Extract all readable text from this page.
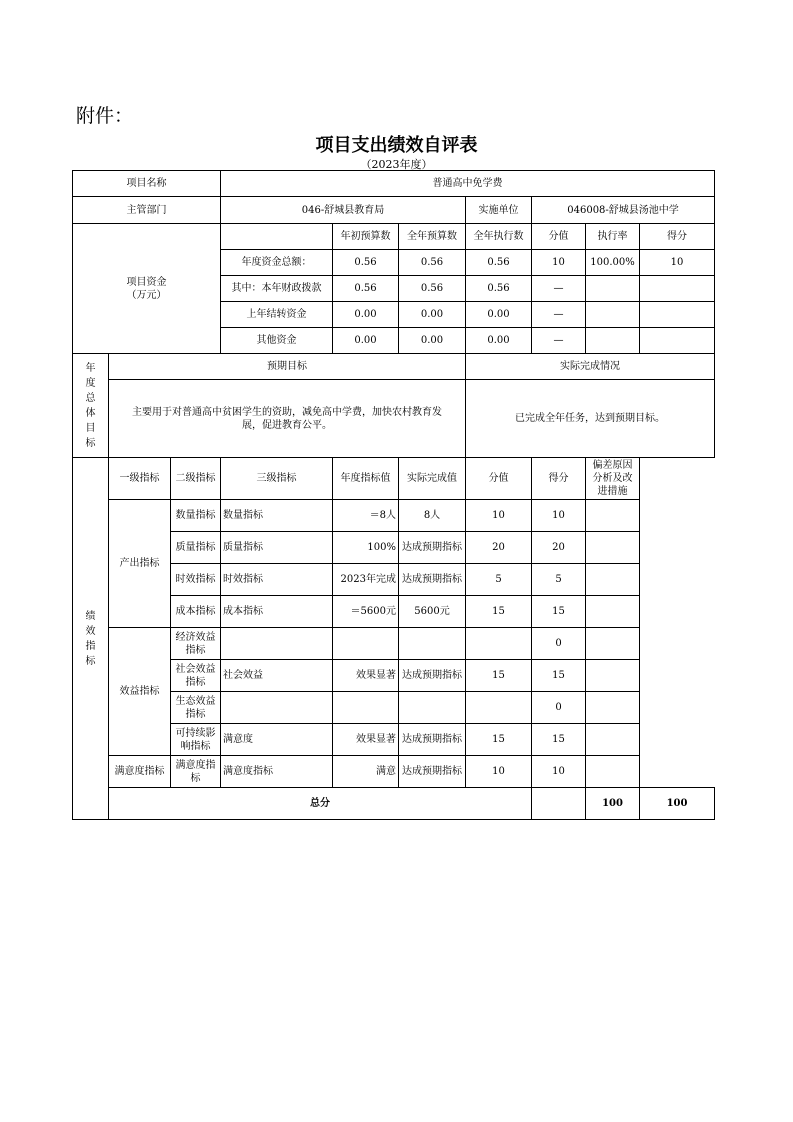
附件：
项目支出绩效自评表
（2023年度）
项目名称			普通高中免学费							
主管部门			046-舒城县教育局			实施单位	046008-舒城县汤池中学			
项目资金
（万元）				年初预算数	全年预算数	全年执行数	分值	执行率	得分	
			年度资金总额：	0.56	0.56	0.56	10	100.00%	10	
			其中：本年财政拨款	0.56	0.56	0.56	—			
			上年结转资金	0.00	0.00	0.00	—			
			其他资金	0.00	0.00	0.00	—			
年度总体目标	预期目标					实际完成情况				
	主要用于对普通高中贫困学生的资助，减免高中学费，加快农村教育发展，促进教育公平。					已完成全年任务，达到预期目标。				
绩效指标	一级指标	二级指标	三级指标	年度指标值	实际完成值	分值	得分	偏差原因分析及改进措施		
	产出指标	数量指标	数量指标	＝8人	8人	10	10			
		质量指标	质量指标	100%	达成预期指标	20	20			
		时效指标	时效指标	2023年完成	达成预期指标	5	5			
		成本指标	成本指标	＝5600元	5600元	15	15			
	效益指标	经济效益指标					0			
		社会效益指标	社会效益	效果显著	达成预期指标	15	15			
		生态效益指标					0			
		可持续影响指标	满意度	效果显著	达成预期指标	15	15			
	满意度指标	满意度指标	满意度指标	满意	达成预期指标	10	10			
	总分							100	100	
